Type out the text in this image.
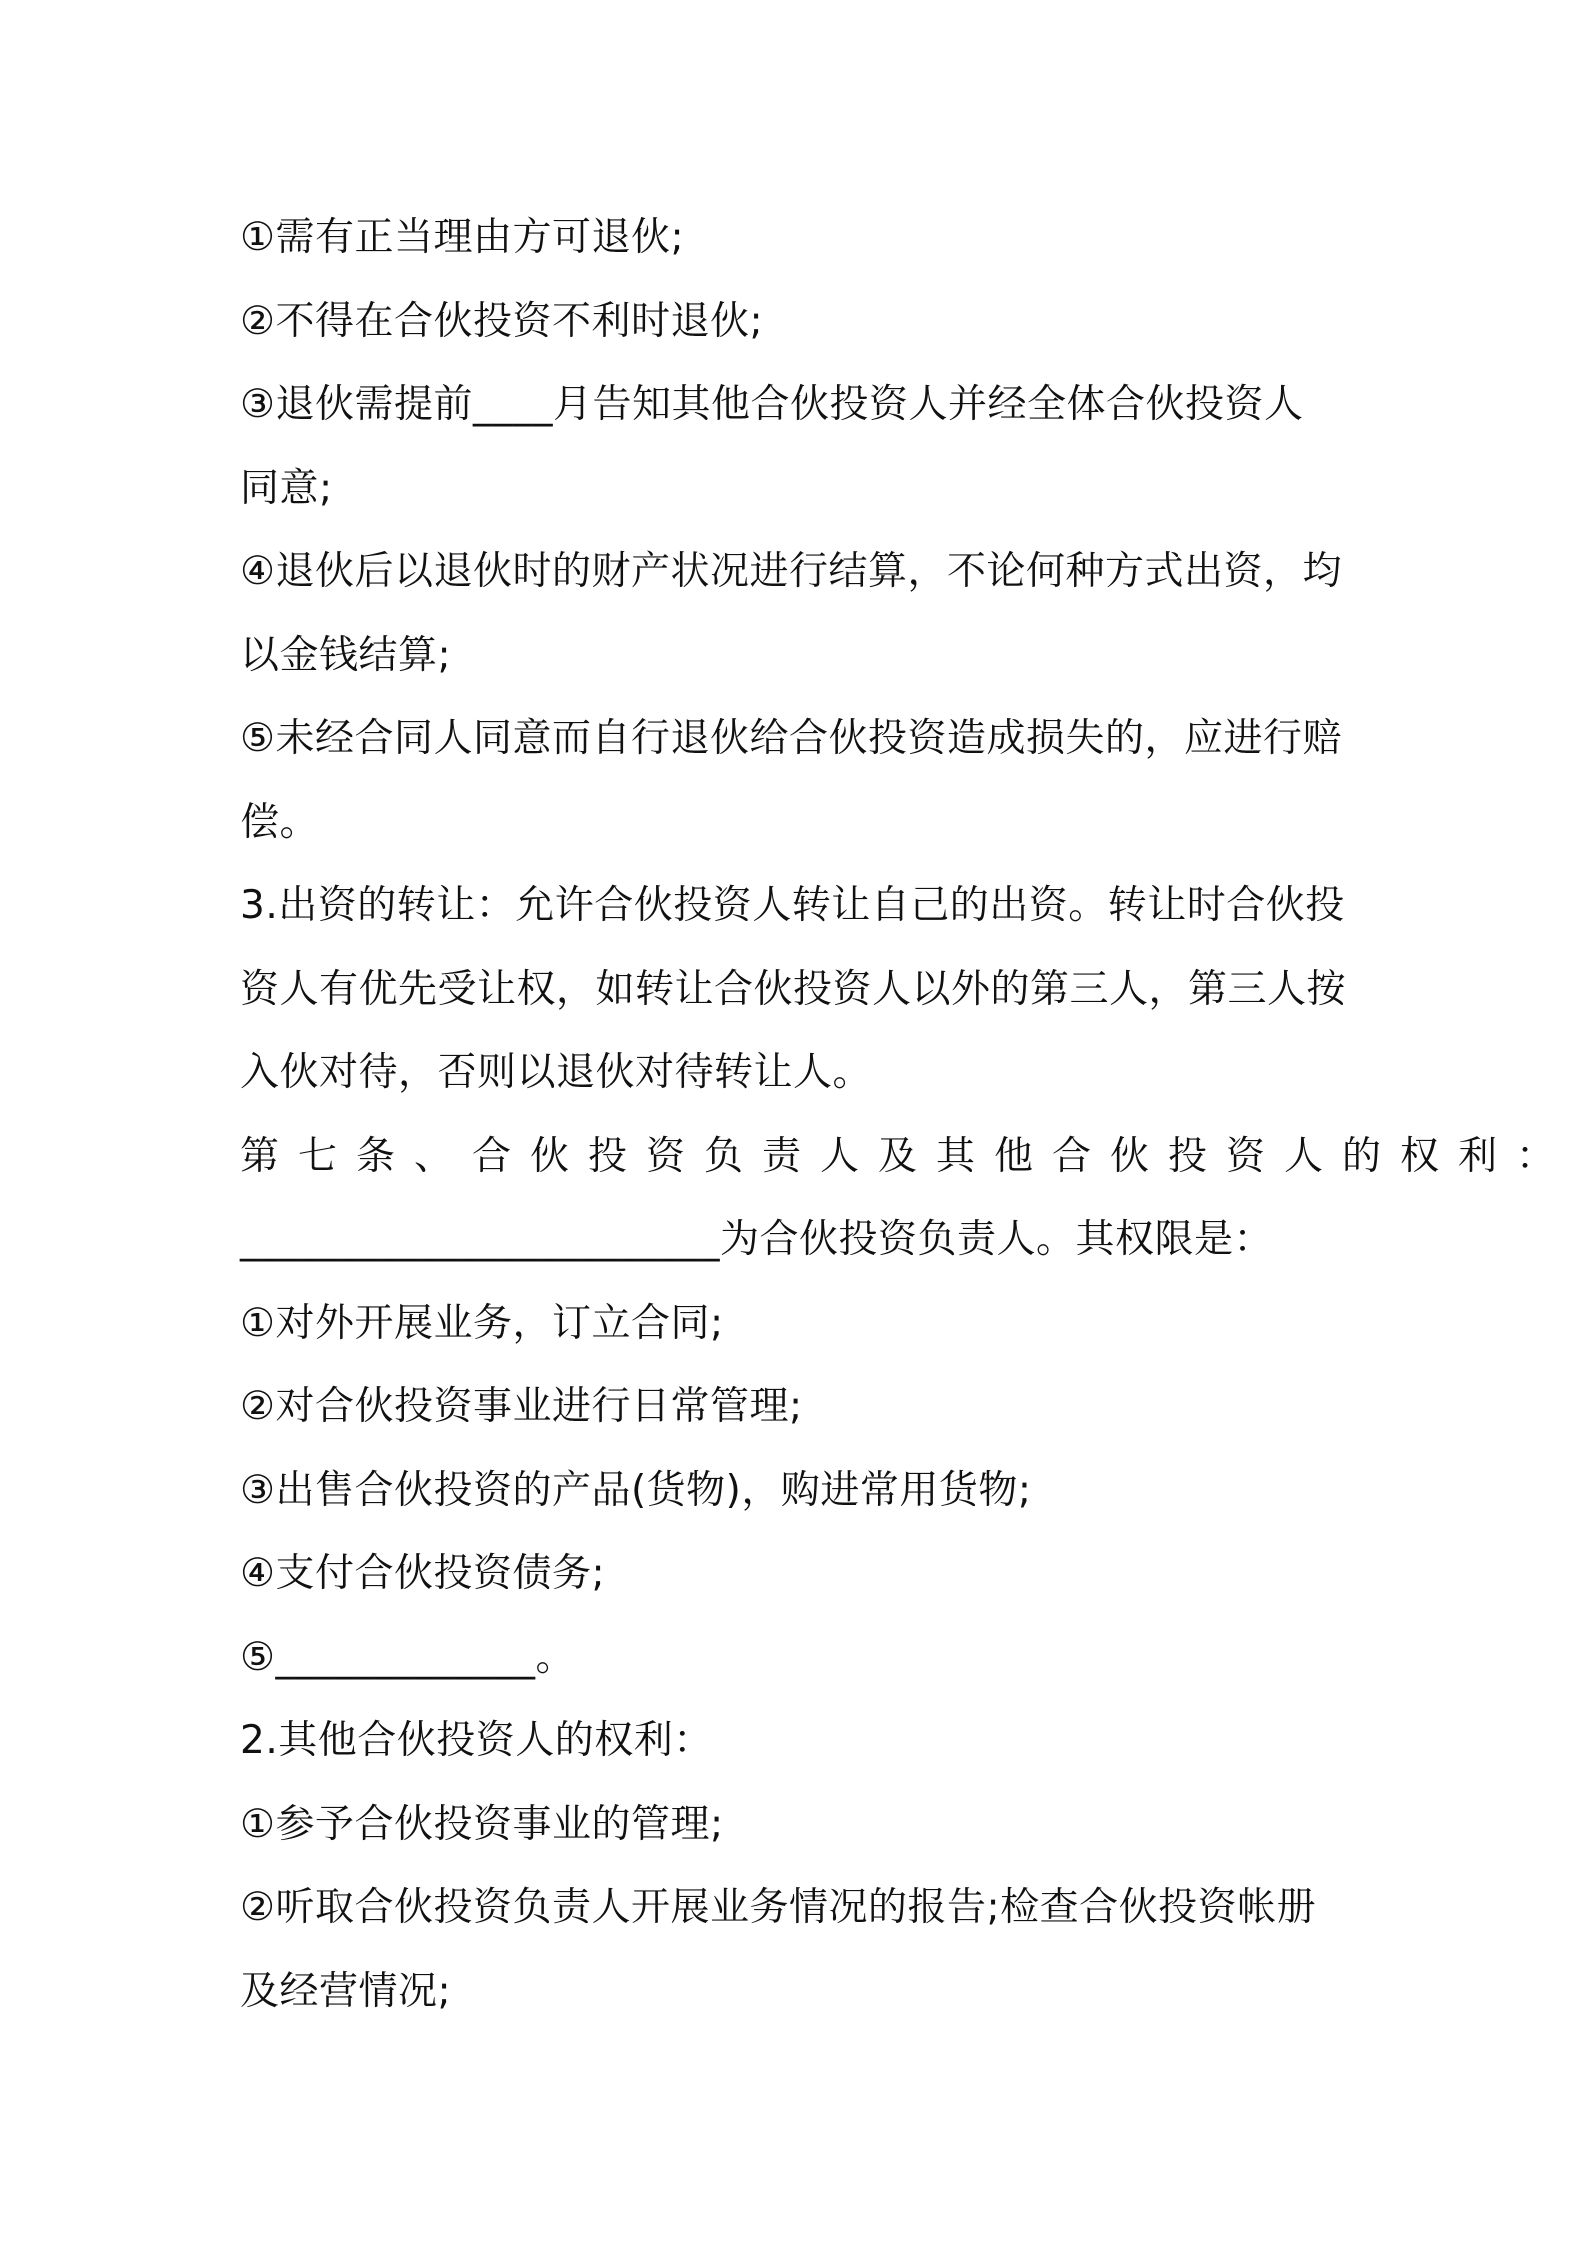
①需有正当理由方可退伙;
②不得在合伙投资不利时退伙;
③退伙需提前____月告知其他合伙投资人并经全体合伙投资人
同意;
④退伙后以退伙时的财产状况进行结算，不论何种方式出资，均
以金钱结算;
⑤未经合同人同意而自行退伙给合伙投资造成损失的，应进行赔
偿。
3.出资的转让：允许合伙投资人转让自己的出资。转让时合伙投
资人有优先受让权，如转让合伙投资人以外的第三人，第三人按
入伙对待，否则以退伙对待转让人。
第七条、合伙投资负责人及其他合伙投资人的权利：
________________________为合伙投资负责人。其权限是：
①对外开展业务，订立合同;
②对合伙投资事业进行日常管理;
③出售合伙投资的产品(货物)，购进常用货物;
④支付合伙投资债务;
⑤_____________。
2.其他合伙投资人的权利：
①参予合伙投资事业的管理;
②听取合伙投资负责人开展业务情况的报告;检查合伙投资帐册
及经营情况;
